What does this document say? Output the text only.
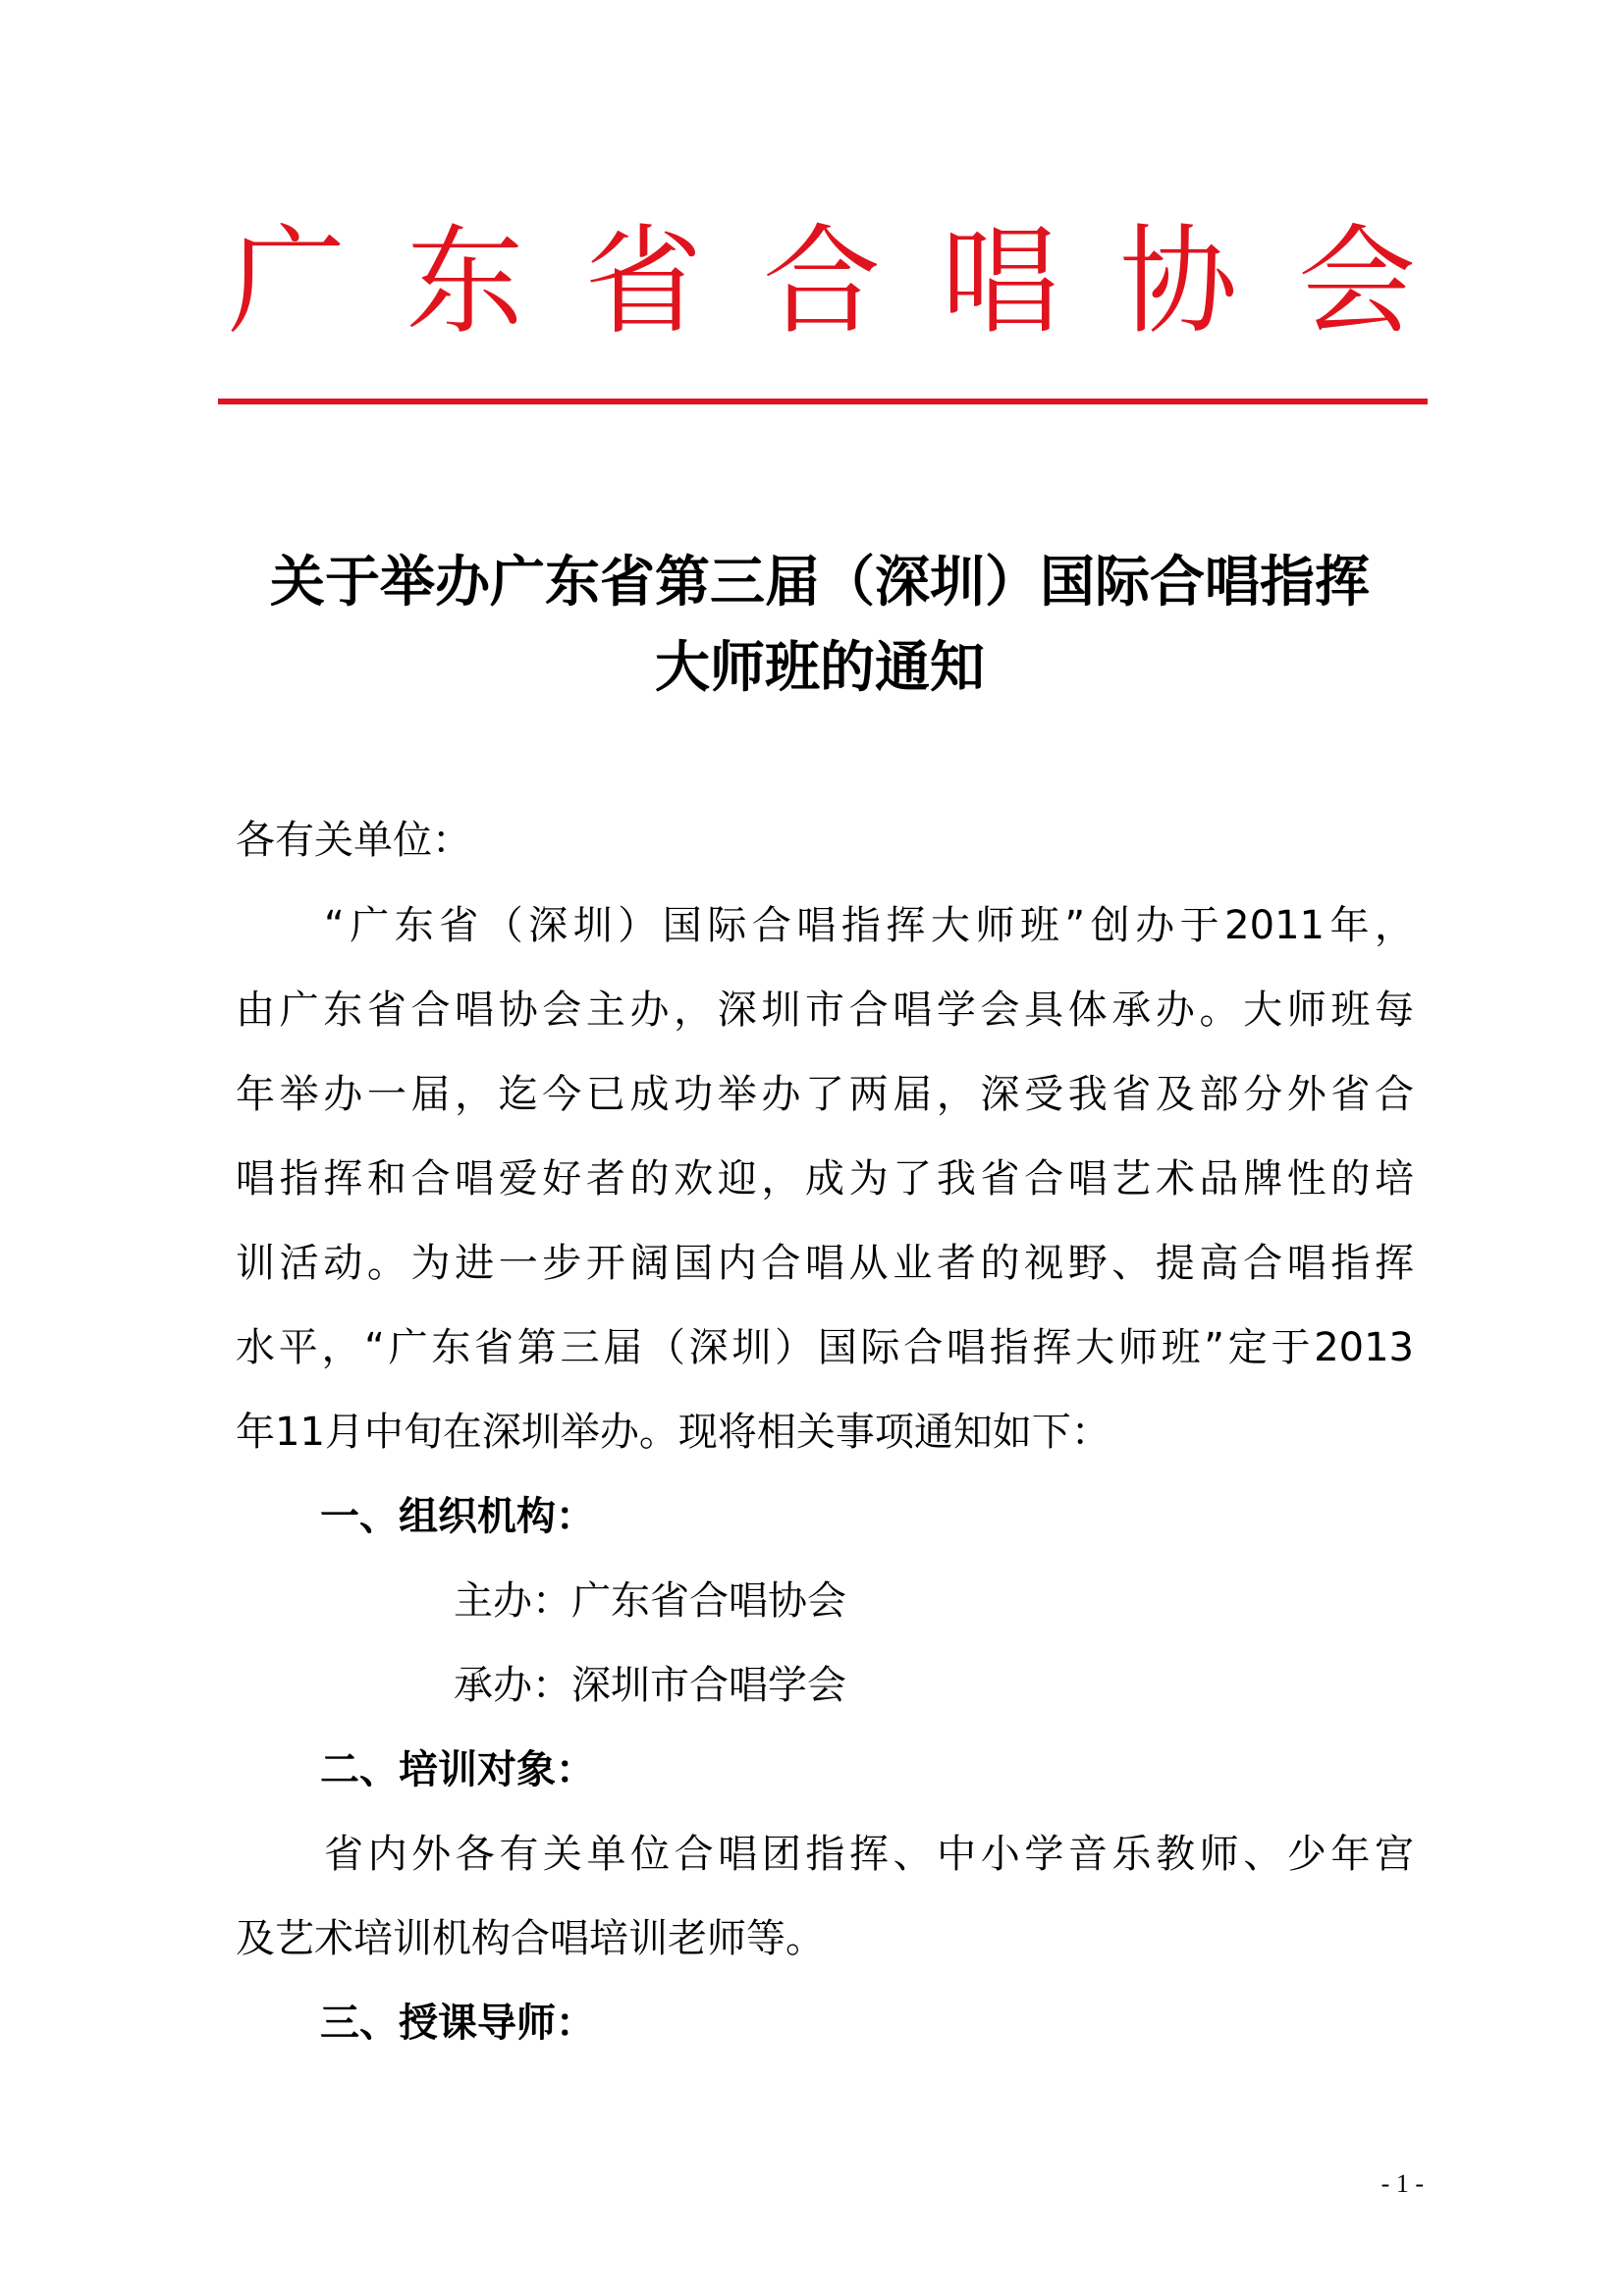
广 东 省 合 唱 协 会
关于举办广东省第三届（深圳）国际合唱指挥
大师班的通知
各有关单位：
“广东省（深圳）国际合唱指挥大师班”创办于2011年，
由广东省合唱协会主办，深圳市合唱学会具体承办。大师班每
年举办一届，迄今已成功举办了两届，深受我省及部分外省合
唱指挥和合唱爱好者的欢迎，成为了我省合唱艺术品牌性的培
训活动。为进一步开阔国内合唱从业者的视野、提高合唱指挥
水平，“广东省第三届（深圳）国际合唱指挥大师班”定于2013
年11月中旬在深圳举办。现将相关事项通知如下：
一、组织机构：
主办：广东省合唱协会
承办：深圳市合唱学会
二、培训对象：
省内外各有关单位合唱团指挥、中小学音乐教师、少年宫
及艺术培训机构合唱培训老师等。
三、授课导师：
- 1 -
